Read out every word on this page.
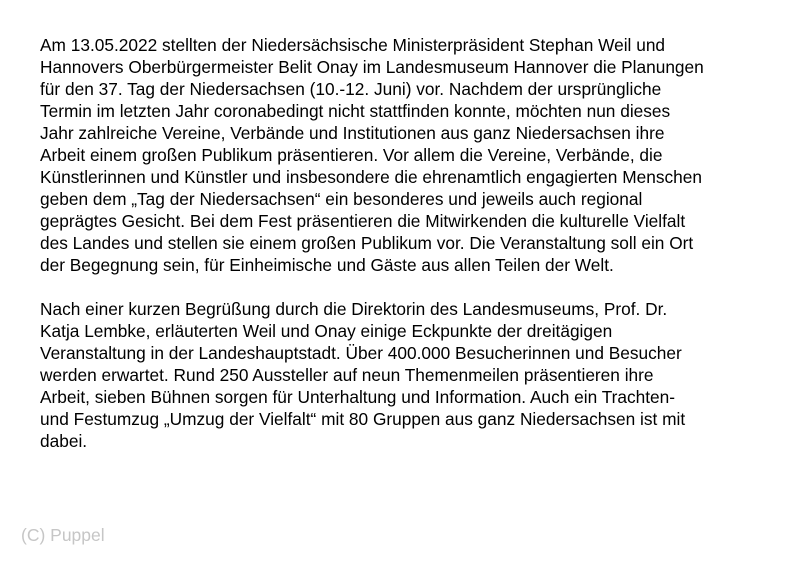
Am 13.05.2022 stellten der Niedersächsische Ministerpräsident Stephan Weil und
Hannovers Oberbürgermeister Belit Onay im Landesmuseum Hannover die Planungen
für den 37. Tag der Niedersachsen (10.-12. Juni) vor. Nachdem der ursprüngliche
Termin im letzten Jahr coronabedingt nicht stattfinden konnte, möchten nun dieses
Jahr zahlreiche Vereine, Verbände und Institutionen aus ganz Niedersachsen ihre
Arbeit einem großen Publikum präsentieren. Vor allem die Vereine, Verbände, die
Künstlerinnen und Künstler und insbesondere die ehrenamtlich engagierten Menschen
geben dem „Tag der Niedersachsen“ ein besonderes und jeweils auch regional
geprägtes Gesicht. Bei dem Fest präsentieren die Mitwirkenden die kulturelle Vielfalt
des Landes und stellen sie einem großen Publikum vor. Die Veranstaltung soll ein Ort
der Begegnung sein, für Einheimische und Gäste aus allen Teilen der Welt.

Nach einer kurzen Begrüßung durch die Direktorin des Landesmuseums, Prof. Dr.
Katja Lembke, erläuterten Weil und Onay einige Eckpunkte der dreitägigen
Veranstaltung in der Landeshauptstadt. Über 400.000 Besucherinnen und Besucher
werden erwartet. Rund 250 Aussteller auf neun Themenmeilen präsentieren ihre
Arbeit, sieben Bühnen sorgen für Unterhaltung und Information. Auch ein Trachten-
und Festumzug „Umzug der Vielfalt“ mit 80 Gruppen aus ganz Niedersachsen ist mit
dabei.

(C) Puppel
